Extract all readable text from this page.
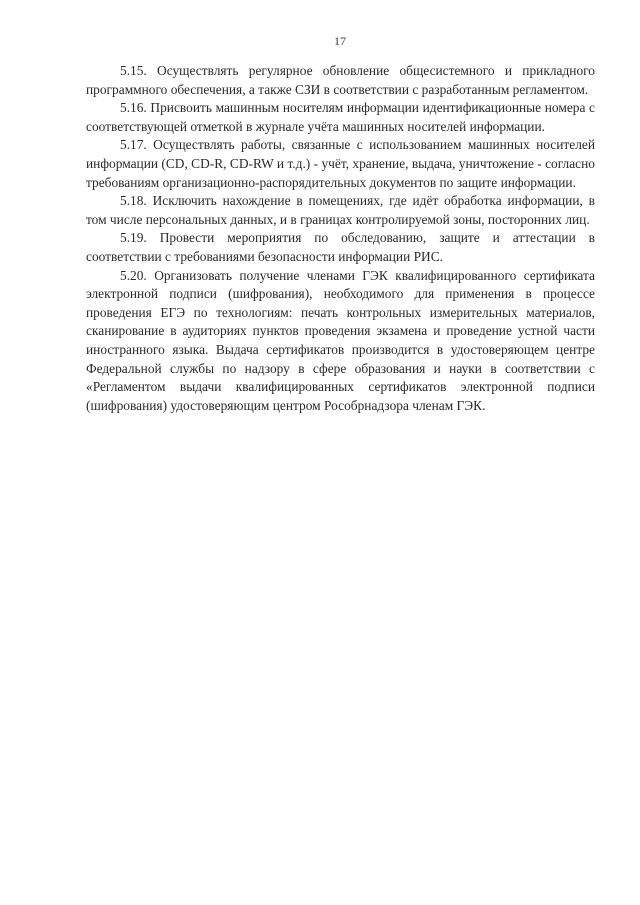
17

5.15. Осуществлять регулярное обновление общесистемного и прикладного программного обеспечения, а также СЗИ в соответствии с разработанным регламентом.

5.16. Присвоить машинным носителям информации идентификационные номера с соответствующей отметкой в журнале учёта машинных носителей информации.

5.17. Осуществлять работы, связанные с использованием машинных носителей информации (CD, CD-R, CD-RW и т.д.) - учёт, хранение, выдача, уничтожение - согласно требованиям организационно-распорядительных документов по защите информации.

5.18. Исключить нахождение в помещениях, где идёт обработка информации, в том числе персональных данных, и в границах контролируемой зоны, посторонних лиц.

5.19. Провести мероприятия по обследованию, защите и аттестации в соответствии с требованиями безопасности информации РИС.

5.20. Организовать получение членами ГЭК квалифицированного сертификата электронной подписи (шифрования), необходимого для применения в процессе проведения ЕГЭ по технологиям: печать контрольных измерительных материалов, сканирование в аудиториях пунктов проведения экзамена и проведение устной части иностранного языка. Выдача сертификатов производится в удостоверяющем центре Федеральной службы по надзору в сфере образования и науки в соответствии с «Регламентом выдачи квалифицированных сертификатов электронной подписи (шифрования) удостоверяющим центром Рособрнадзора членам ГЭК.
